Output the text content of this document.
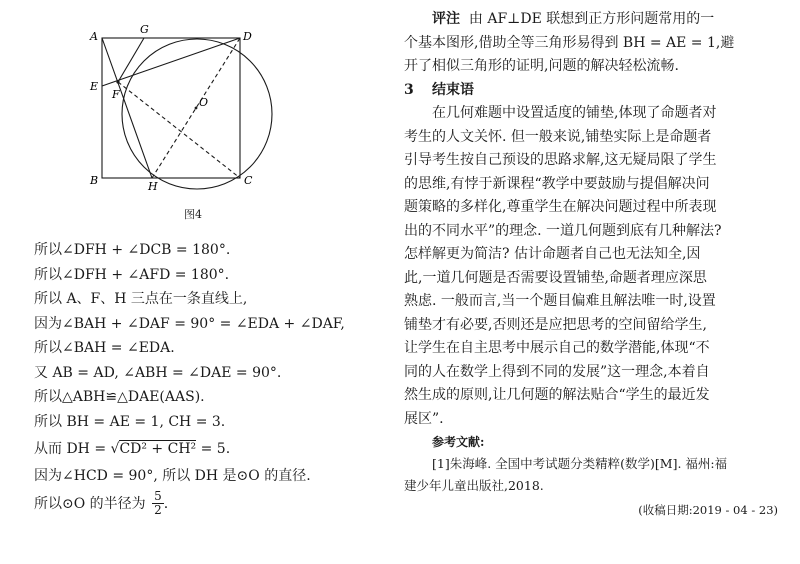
A
G
D
E
F
O
B	H	C
图4
所以∠DFH + ∠DCB = 180°.
所以∠DFH + ∠AFD = 180°.
所以 A、F、H 三点在一条直线上,
因为∠BAH + ∠DAF = 90° = ∠EDA + ∠DAF,
所以∠BAH = ∠EDA.
又 AB = AD, ∠ABH = ∠DAE = 90°.
所以△ABH≌△DAE(AAS).
所以 BH = AE = 1, CH = 3.
从而 DH = √CD² + CH² = 5.
因为∠HCD = 90°, 所以 DH 是⊙O 的直径.
所以⊙O 的半径为 $\frac{5}{2}$ .
评注 由 AF⊥DE 联想到正方形问题常用的一
个基本图形,借助全等三角形易得到 BH = AE = 1,避
开了相似三角形的证明,问题的解决轻松流畅.
3 结束语
在几何难题中设置适度的铺垫,体现了命题者对
考生的人文关怀. 但一般来说,铺垫实际上是命题者
引导考生按自己预设的思路求解,这无疑局限了学生
的思维,有悖于新课程“教学中要鼓励与提倡解决问
题策略的多样化,尊重学生在解决问题过程中所表现
出的不同水平”的理念. 一道几何题到底有几种解法?
怎样解更为简洁? 估计命题者自己也无法知全,因
此,一道几何题是否需要设置铺垫,命题者理应深思
熟虑. 一般而言,当一个题目偏难且解法唯一时,设置
铺垫才有必要,否则还是应把思考的空间留给学生,
让学生在自主思考中展示自己的数学潜能,体现“不
同的人在数学上得到不同的发展”这一理念,本着自
然生成的原则,让几何题的解法贴合“学生的最近发
展区”.
参考文献:
[1]朱海峰. 全国中考试题分类精粹(数学)[M]. 福州:福
建少年儿童出版社,2018.
(收稿日期:2019 - 04 - 23)
